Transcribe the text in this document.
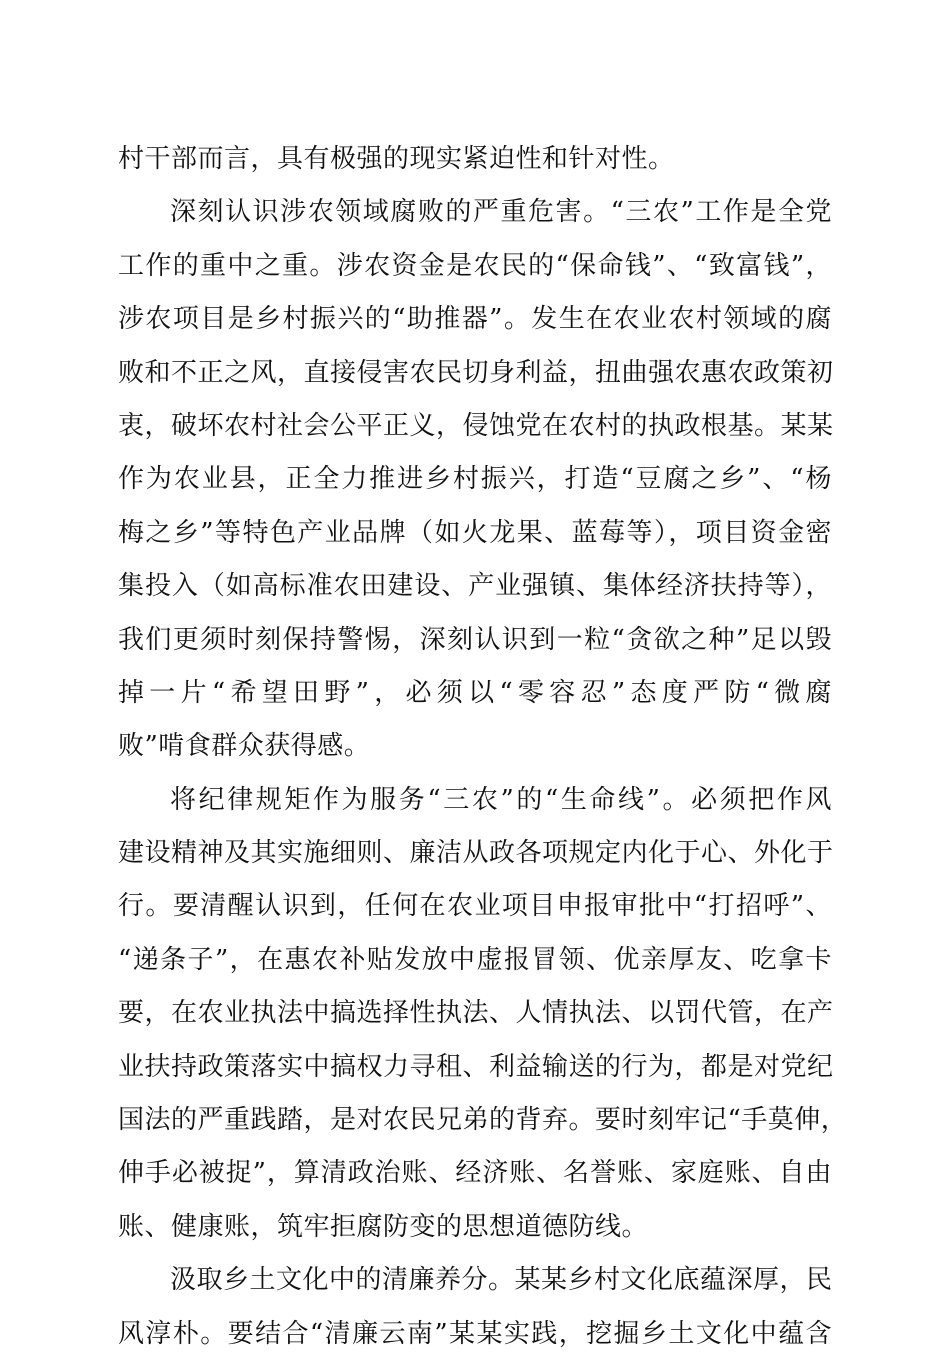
村干部而言，具有极强的现实紧迫性和针对性。
深刻认识涉农领域腐败的严重危害。“三农”工作是全党
工作的重中之重。涉农资金是农民的“保命钱”、“致富钱”，
涉农项目是乡村振兴的“助推器”。发生在农业农村领域的腐
败和不正之风，直接侵害农民切身利益，扭曲强农惠农政策初
衷，破坏农村社会公平正义，侵蚀党在农村的执政根基。某某
作为农业县，正全力推进乡村振兴，打造“豆腐之乡”、“杨
梅之乡”等特色产业品牌（如火龙果、蓝莓等），项目资金密
集投入（如高标准农田建设、产业强镇、集体经济扶持等），
我们更须时刻保持警惕，深刻认识到一粒“贪欲之种”足以毁
掉一片“希望田野”，必须以“零容忍”态度严防“微腐
败”啃食群众获得感。
将纪律规矩作为服务“三农”的“生命线”。必须把作风
建设精神及其实施细则、廉洁从政各项规定内化于心、外化于
行。要清醒认识到，任何在农业项目申报审批中“打招呼”、
“递条子”，在惠农补贴发放中虚报冒领、优亲厚友、吃拿卡
要，在农业执法中搞选择性执法、人情执法、以罚代管，在产
业扶持政策落实中搞权力寻租、利益输送的行为，都是对党纪
国法的严重践踏，是对农民兄弟的背弃。要时刻牢记“手莫伸，
伸手必被捉”，算清政治账、经济账、名誉账、家庭账、自由
账、健康账，筑牢拒腐防变的思想道德防线。
汲取乡土文化中的清廉养分。某某乡村文化底蕴深厚，民
风淳朴。要结合“清廉云南”某某实践，挖掘乡土文化中蕴含
